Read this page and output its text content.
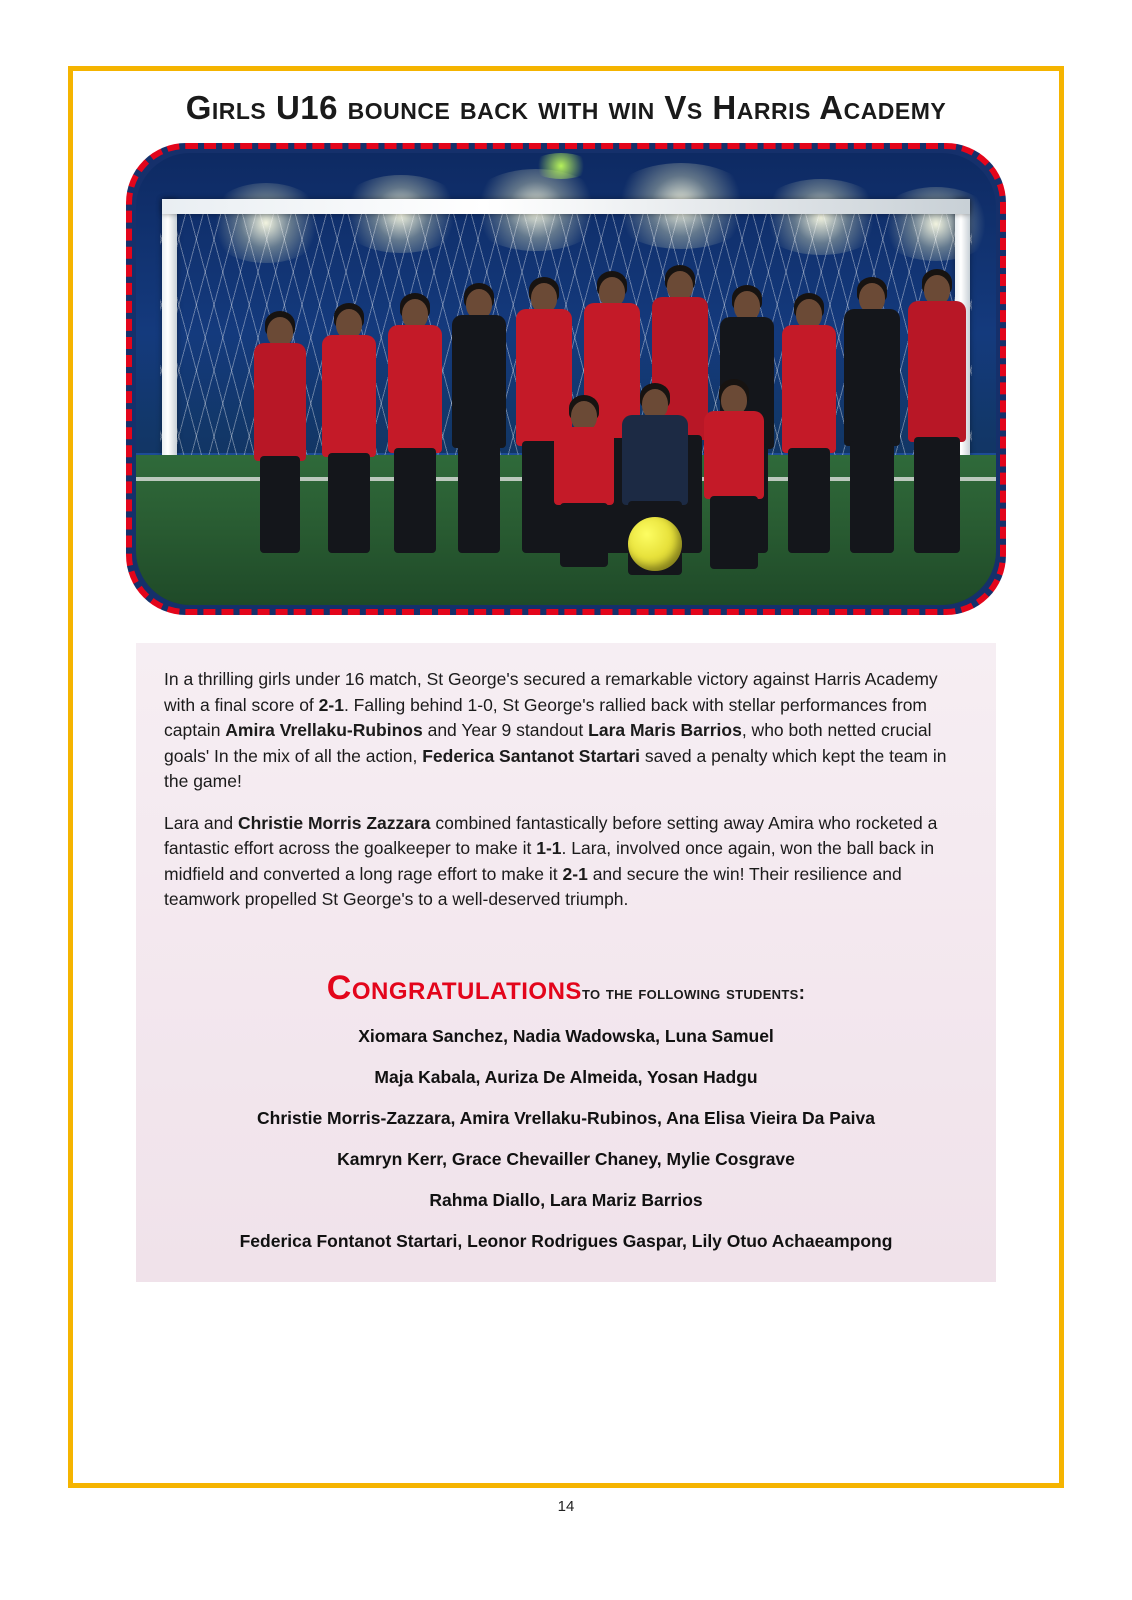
Girls U16 bounce back with win Vs Harris Academy

In a thrilling girls under 16 match, St George's secured a remarkable victory against Harris Academy with a final score of 2-1. Falling behind 1-0, St George's rallied back with stellar performances from captain Amira Vrellaku-Rubinos and Year 9 standout Lara Maris Barrios, who both netted crucial goals' In the mix of all the action, Federica Santanot Startari saved a penalty which kept the team in the game!

Lara and Christie Morris Zazzara combined fantastically before setting away Amira who rocketed a fantastic effort across the goalkeeper to make it 1-1. Lara, involved once again, won the ball back in midfield and converted a long rage effort to make it 2-1 and secure the win! Their resilience and teamwork propelled St George's to a well-deserved triumph.

Congratulationsto the following students:
Xiomara Sanchez, Nadia Wadowska, Luna Samuel
Maja Kabala, Auriza De Almeida, Yosan Hadgu
Christie Morris-Zazzara, Amira Vrellaku-Rubinos, Ana Elisa Vieira Da Paiva
Kamryn Kerr, Grace Chevailler Chaney, Mylie Cosgrave
Rahma Diallo, Lara Mariz Barrios
Federica Fontanot Startari, Leonor Rodrigues Gaspar, Lily Otuo Achaeampong
14
